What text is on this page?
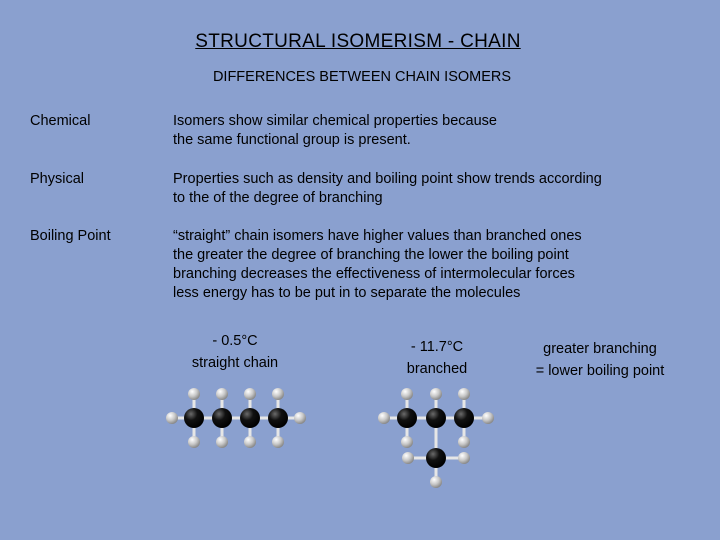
STRUCTURAL ISOMERISM - CHAIN
DIFFERENCES BETWEEN CHAIN ISOMERS
Chemical	Isomers show similar chemical properties because
the same functional group is present.
Physical	Properties such as density and boiling point show trends according
to the of the degree of branching
Boiling Point	“straight” chain isomers have higher values than branched ones
the greater the degree of branching the lower the boiling point
branching decreases the effectiveness of intermolecular forces
less energy has to be put in to separate the molecules
- 0.5°C
straight chain
- 11.7°C
branched
greater branching
= lower boiling point
